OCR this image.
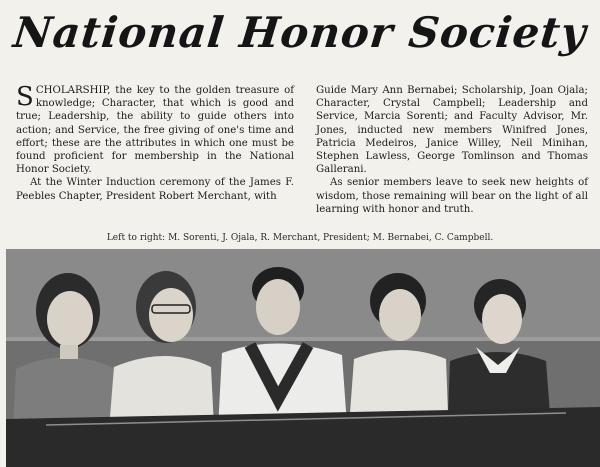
National Honor Society

SCHOLARSHIP, the key to the golden treasure of knowledge; Character, that which is good and true; Leadership, the ability to guide others into action; and Service, the free giving of one's time and effort; these are the attributes in which one must be found proficient for membership in the National Honor Society.

At the Winter Induction ceremony of the James F. Peebles Chapter, President Robert Merchant, with

Guide Mary Ann Bernabei; Scholarship, Joan Ojala; Character, Crystal Campbell; Leadership and Service, Marcia Sorenti; and Faculty Advisor, Mr. Jones, inducted new members Winifred Jones, Patricia Medeiros, Janice Willey, Neil Minihan, Stephen Lawless, George Tomlinson and Thomas Gallerani.

As senior members leave to seek new heights of wisdom, those remaining will bear on the light of all learning with honor and truth.

Left to right: M. Sorenti, J. Ojala, R. Merchant, President; M. Bernabei, C. Campbell.
